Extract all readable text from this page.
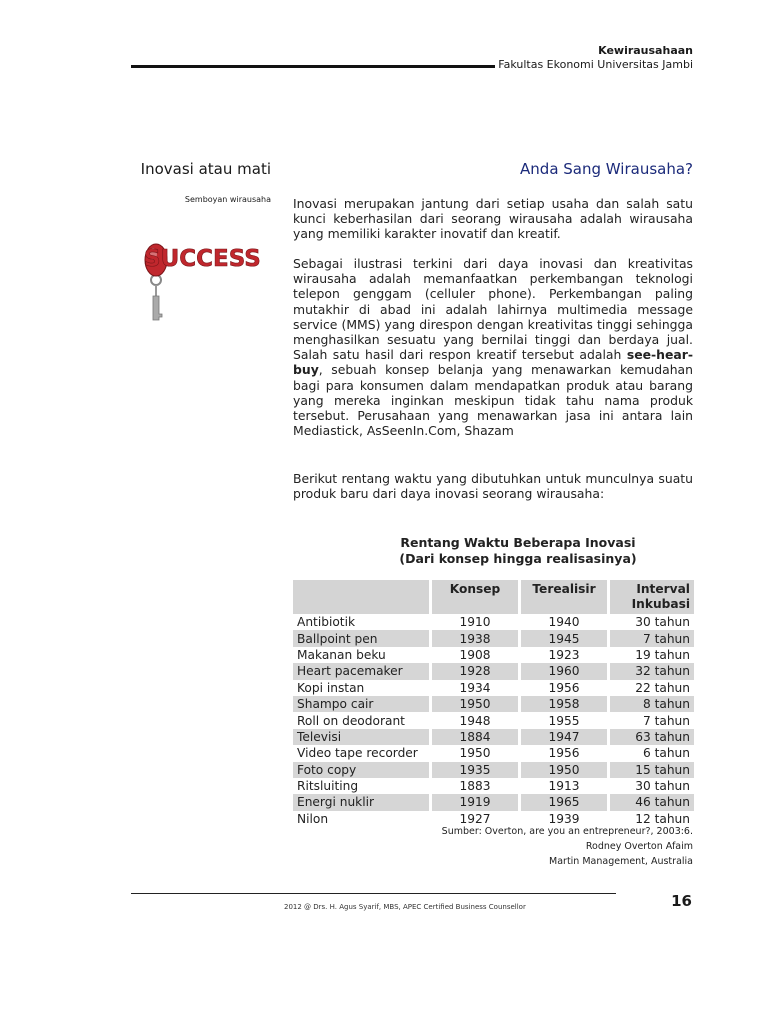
Kewirausahaan
Fakultas Ekonomi Universitas Jambi
Inovasi atau mati
Semboyan wirausaha
SUCCESS
Anda Sang Wirausaha?

Inovasi merupakan jantung dari setiap usaha dan salah satu kunci keberhasilan dari seorang wirausaha adalah wirausaha yang memiliki karakter inovatif dan kreatif.

Sebagai ilustrasi terkini dari daya inovasi dan kreativitas wirausaha adalah memanfaatkan perkembangan teknologi telepon genggam (celluler phone). Perkembangan paling mutakhir di abad ini adalah lahirnya multimedia message service (MMS) yang direspon dengan kreativitas tinggi sehingga menghasilkan sesuatu yang bernilai tinggi dan berdaya jual. Salah satu hasil dari respon kreatif tersebut adalah see-hear-buy, sebuah konsep belanja yang menawarkan kemudahan bagi para konsumen dalam mendapatkan produk atau barang yang mereka inginkan meskipun tidak tahu nama produk tersebut. Perusahaan yang menawarkan jasa ini antara lain Mediastick, AsSeenIn.Com, Shazam

Berikut rentang waktu yang dibutuhkan untuk munculnya suatu produk baru dari daya inovasi seorang wirausaha:

Rentang Waktu Beberapa Inovasi
(Dari konsep hingga realisasinya)
	Konsep	Terealisir	Interval Inkubasi
Antibiotik	1910	1940	30 tahun
Ballpoint pen	1938	1945	7 tahun
Makanan beku	1908	1923	19 tahun
Heart pacemaker	1928	1960	32 tahun
Kopi instan	1934	1956	22 tahun
Shampo cair	1950	1958	8 tahun
Roll on deodorant	1948	1955	7 tahun
Televisi	1884	1947	63 tahun
Video tape recorder	1950	1956	6 tahun
Foto copy	1935	1950	15 tahun
Ritsluiting	1883	1913	30 tahun
Energi nuklir	1919	1965	46 tahun
Nilon	1927	1939	12 tahun
Sumber: Overton, are you an entrepreneur?, 2003:6.
Rodney Overton Afaim
Martin Management, Australia
2012 @ Drs. H. Agus Syarif, MBS, APEC Certified Business Counsellor	16
